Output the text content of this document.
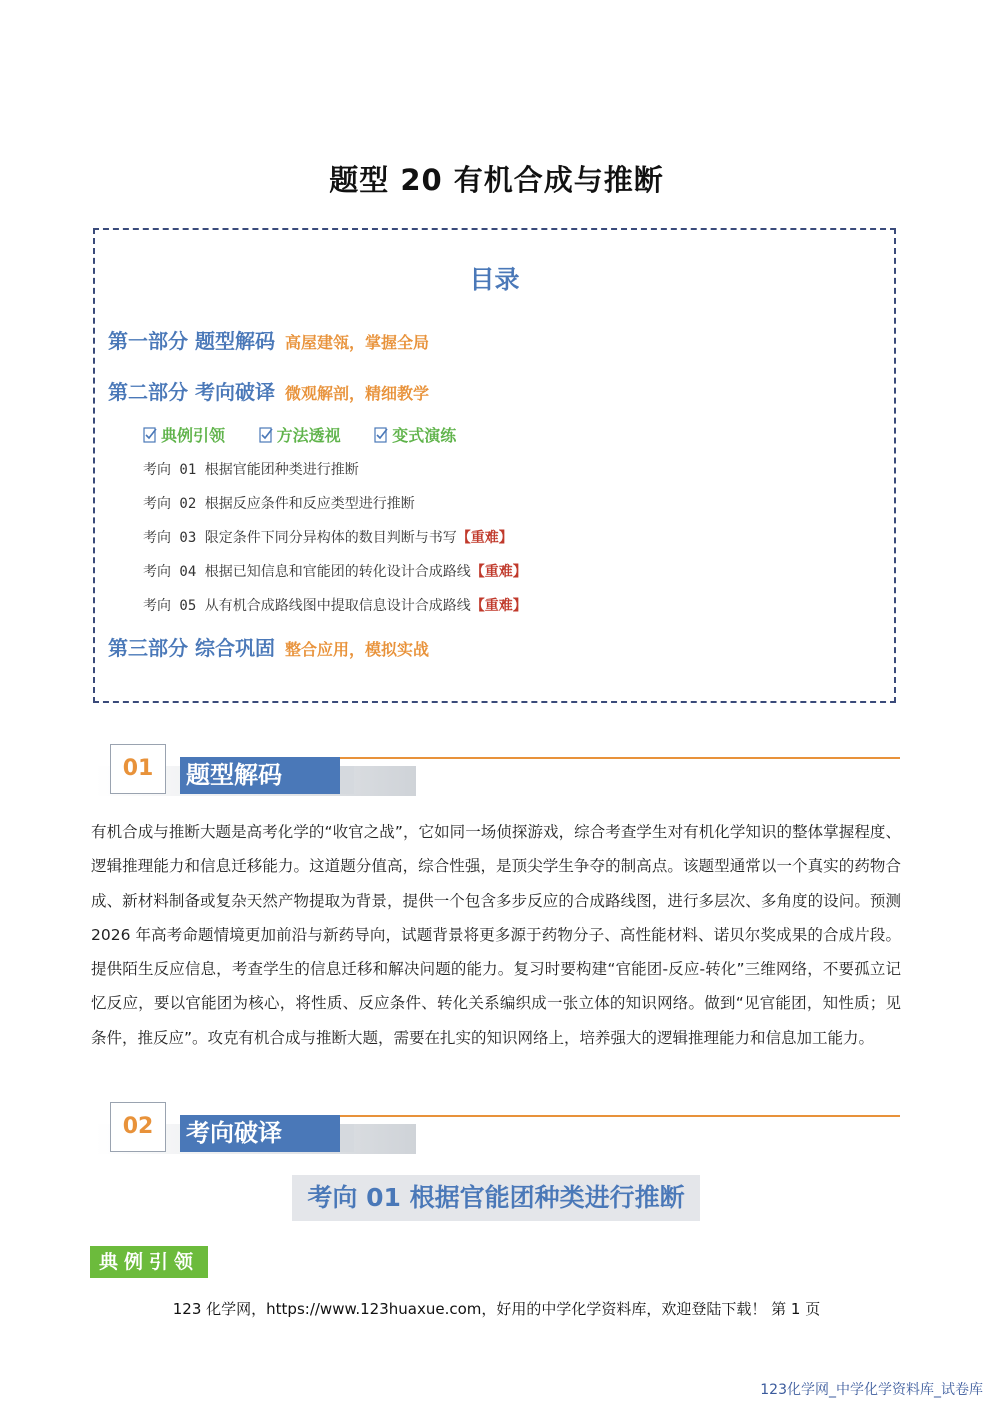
题型 20 有机合成与推断
目录
第一部分 题型解码 高屋建瓴，掌握全局
第二部分 考向破译 微观解剖，精细教学
典例引领
	方法透视
	变式演练
考向 01 根据官能团种类进行推断
考向 02 根据反应条件和反应类型进行推断
考向 03 限定条件下同分异构体的数目判断与书写【重难】
考向 04 根据已知信息和官能团的转化设计合成路线【重难】
考向 05 从有机合成路线图中提取信息设计合成路线【重难】
第三部分 综合巩固 整合应用，模拟实战
01	题型解码
有机合成与推断大题是高考化学的“收官之战”，它如同一场侦探游戏，综合考查学生对有机化学知识的整体掌握程度、逻辑推理能力和信息迁移能力。这道题分值高，综合性强，是顶尖学生争夺的制高点。该题型通常以一个真实的药物合成、新材料制备或复杂天然产物提取为背景，提供一个包含多步反应的合成路线图，进行多层次、多角度的设问。预测 2026 年高考命题情境更加前沿与新药导向，试题背景将更多源于药物分子、高性能材料、诺贝尔奖成果的合成片段。提供陌生反应信息，考查学生的信息迁移和解决问题的能力。复习时要构建“官能团-反应-转化”三维网络，不要孤立记忆反应，要以官能团为核心，将性质、反应条件、转化关系编织成一张立体的知识网络。做到“见官能团，知性质；见条件，推反应”。攻克有机合成与推断大题，需要在扎实的知识网络上，培养强大的逻辑推理能力和信息加工能力。
02	考向破译
考向 01 根据官能团种类进行推断
典例引领
123 化学网，https://www.123huaxue.com，好用的中学化学资料库，欢迎登陆下载！ 第 1 页
123化学网_中学化学资料库_试卷库
